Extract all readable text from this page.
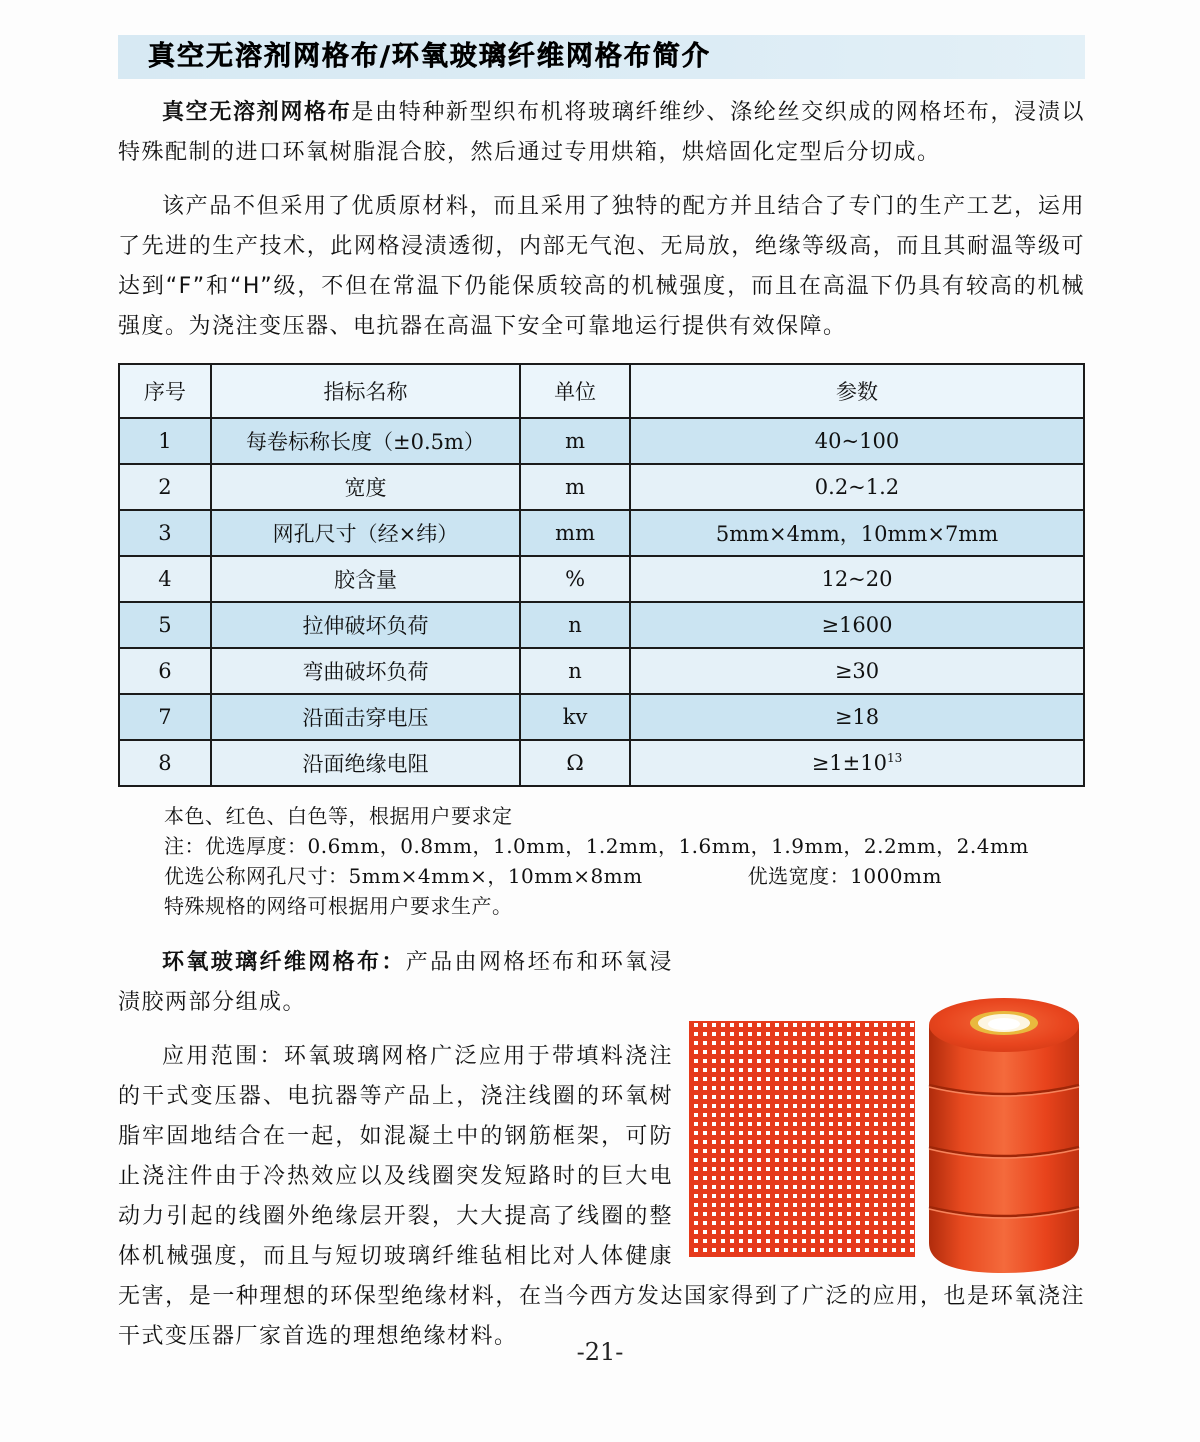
真空无溶剂网格布/环氧玻璃纤维网格布简介

真空无溶剂网格布是由特种新型织布机将玻璃纤维纱、涤纶丝交织成的网格坯布，浸渍以特殊配制的进口环氧树脂混合胶，然后通过专用烘箱，烘焙固化定型后分切成。

该产品不但采用了优质原材料，而且采用了独特的配方并且结合了专门的生产工艺，运用了先进的生产技术，此网格浸渍透彻，内部无气泡、无局放，绝缘等级高，而且其耐温等级可达到“F”和“H”级，不但在常温下仍能保质较高的机械强度，而且在高温下仍具有较高的机械强度。为浇注变压器、电抗器在高温下安全可靠地运行提供有效保障。

序号	指标名称	单位	参数
1	每卷标称长度（±0.5m）	m	40~100
2	宽度	m	0.2~1.2
3	网孔尺寸（经×纬）	mm	5mm×4mm，10mm×7mm
4	胶含量	%	12~20
5	拉伸破坏负荷	n	≥1600
6	弯曲破坏负荷	n	≥30
7	沿面击穿电压	kv	≥18
8	沿面绝缘电阻	Ω	$\ge 1\pm 10^{13}$
本色、红色、白色等，根据用户要求定
注：优选厚度：0.6mm，0.8mm，1.0mm，1.2mm，1.6mm，1.9mm，2.2mm，2.4mm
优选公称网孔尺寸：5mm×4mm×，10mm×8mm	优选宽度：1000mm
特殊规格的网络可根据用户要求生产。

环氧玻璃纤维网格布：产品由网格坯布和环氧浸渍胶两部分组成。

应用范围：环氧玻璃网格广泛应用于带填料浇注的干式变压器、电抗器等产品上，浇注线圈的环氧树脂牢固地结合在一起，如混凝土中的钢筋框架，可防止浇注件由于冷热效应以及线圈突发短路时的巨大电动力引起的线圈外绝缘层开裂，大大提高了线圈的整体机械强度，而且与短切玻璃纤维毡相比对人体健康无害，是一种理想的环保型绝缘材料，在当今西方发达国家得到了广泛的应用，也是环氧浇注干式变压器厂家首选的理想绝缘材料。

-21-
